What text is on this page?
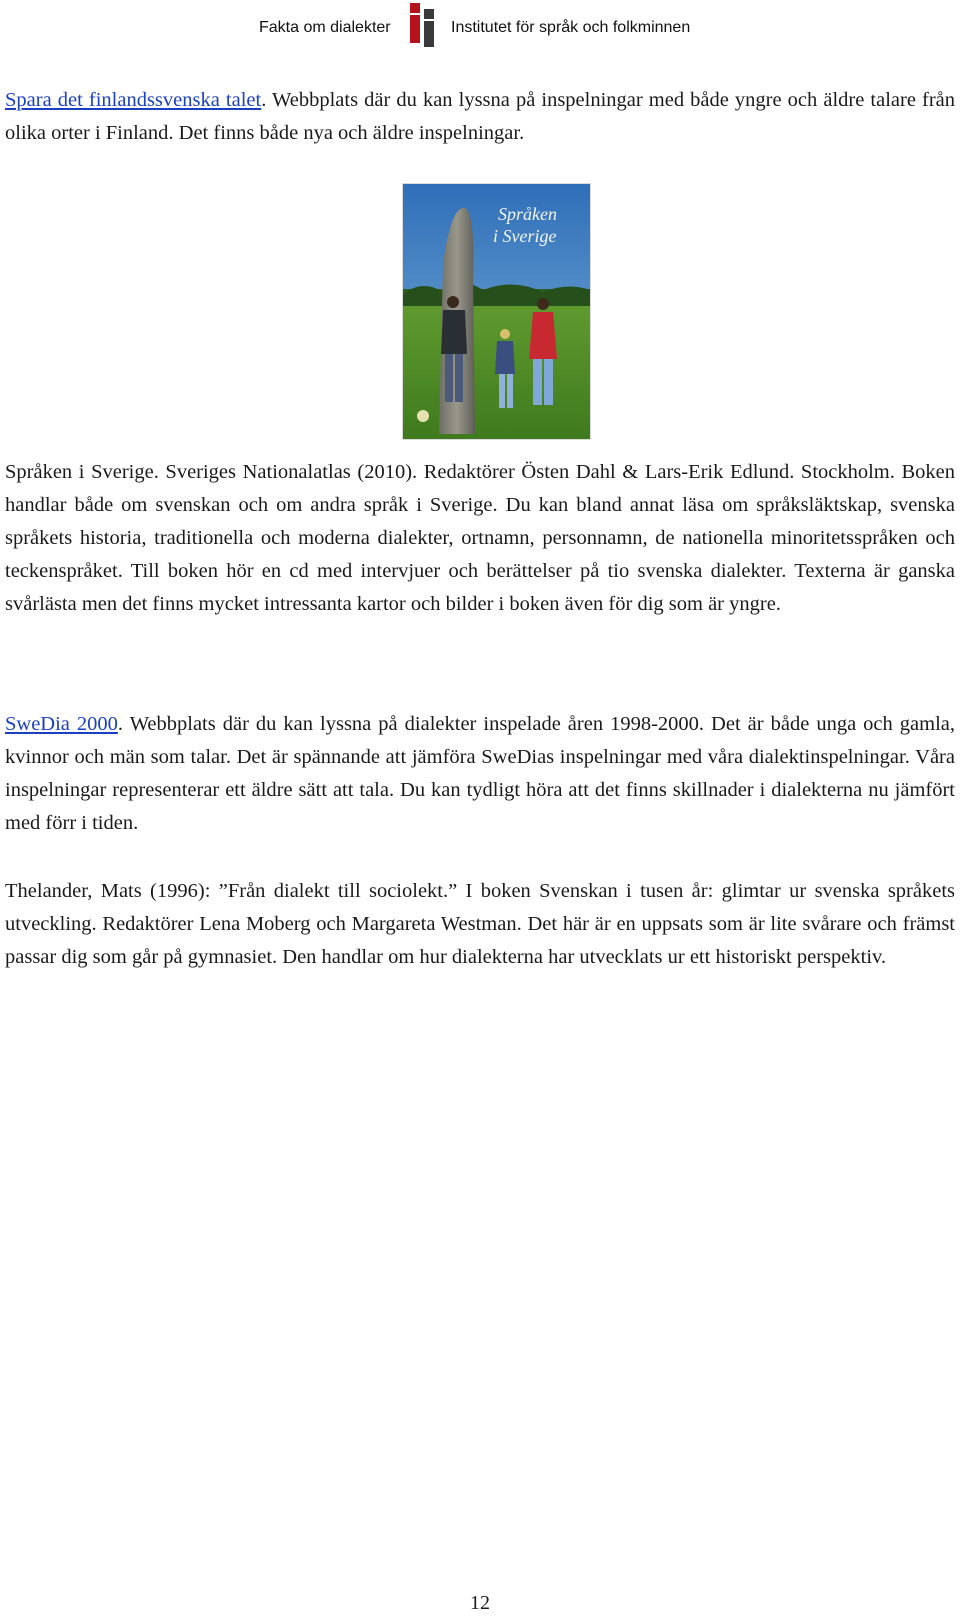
Fakta om dialekter	Institutet för språk och folkminnen

Spara det finlandssvenska talet. Webbplats där du kan lyssna på inspelningar med både yngre och äldre talare från olika orter i Finland. Det finns både nya och äldre inspelningar.

Språken
i Sverige

Språken i Sverige. Sveriges Nationalatlas (2010). Redaktörer Östen Dahl & Lars-Erik Edlund. Stockholm. Boken handlar både om svenskan och om andra språk i Sverige. Du kan bland annat läsa om språksläktskap, svenska språkets historia, traditionella och moderna dialekter, ortnamn, personnamn, de nationella minoritetsspråken och teckenspråket. Till boken hör en cd med intervjuer och berättelser på tio svenska dialekter. Texterna är ganska svårlästa men det finns mycket intressanta kartor och bilder i boken även för dig som är yngre.

SweDia 2000. Webbplats där du kan lyssna på dialekter inspelade åren 1998-2000. Det är både unga och gamla, kvinnor och män som talar. Det är spännande att jämföra SweDias inspelningar med våra dialektinspelningar. Våra inspelningar representerar ett äldre sätt att tala. Du kan tydligt höra att det finns skillnader i dialekterna nu jämfört med förr i tiden.

Thelander, Mats (1996): ”Från dialekt till sociolekt.” I boken Svenskan i tusen år: glimtar ur svenska språkets utveckling. Redaktörer Lena Moberg och Margareta Westman. Det här är en uppsats som är lite svårare och främst passar dig som går på gymnasiet. Den handlar om hur dialekterna har utvecklats ur ett historiskt perspektiv.

12
